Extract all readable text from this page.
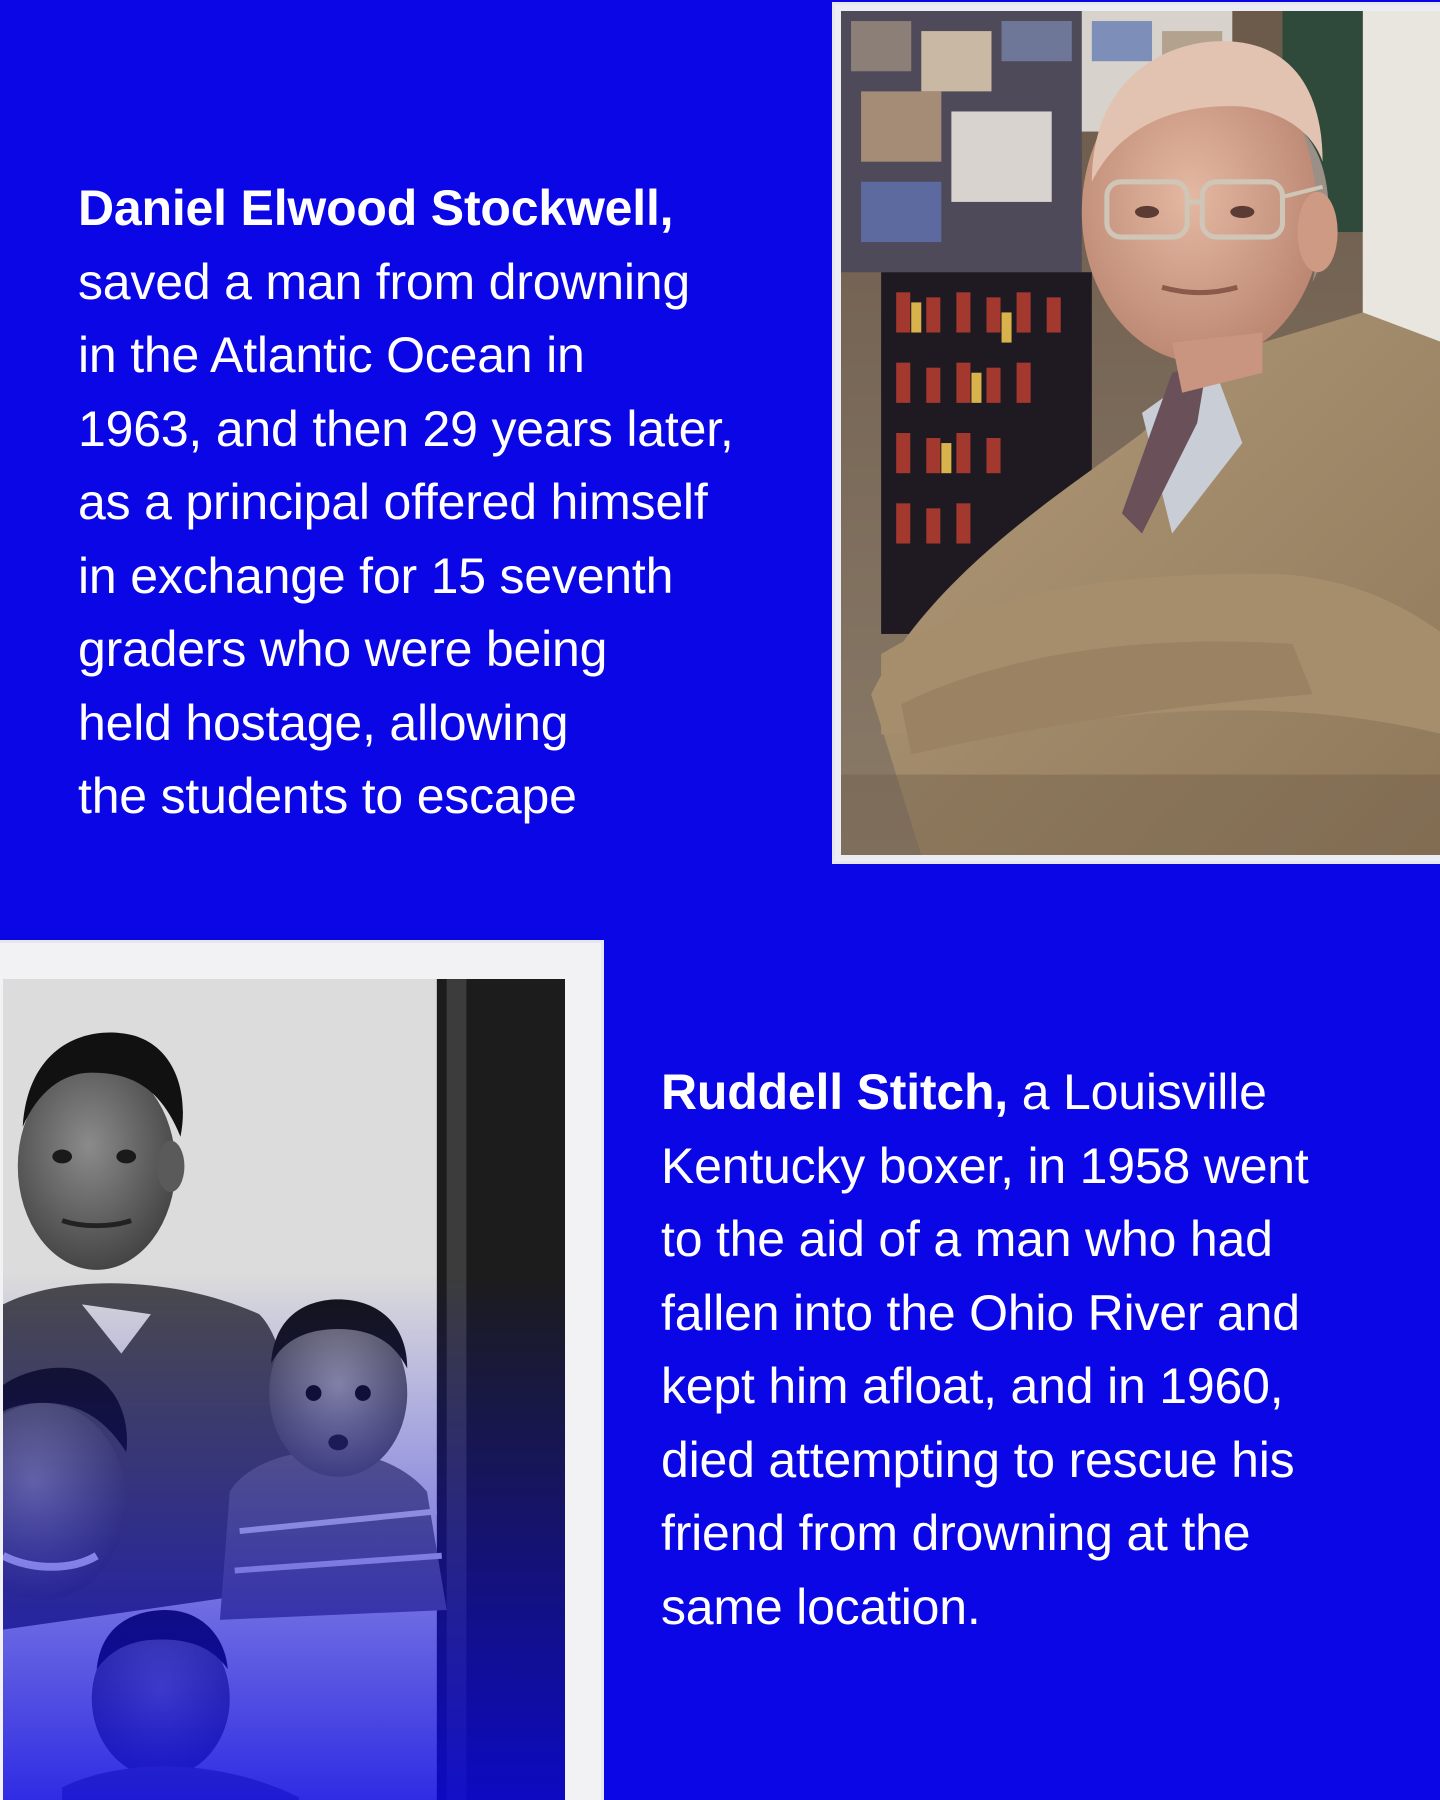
Daniel Elwood Stockwell,
saved a man from drowning
in the Atlantic Ocean in
1963, and then 29 years later,
as a principal offered himself
in exchange for 15 seventh
graders who were being
held hostage, allowing
the students to escape
Ruddell Stitch, a Louisville
Kentucky boxer, in 1958 went
to the aid of a man who had
fallen into the Ohio River and
kept him afloat, and in 1960,
died attempting to rescue his
friend from drowning at the
same location.
